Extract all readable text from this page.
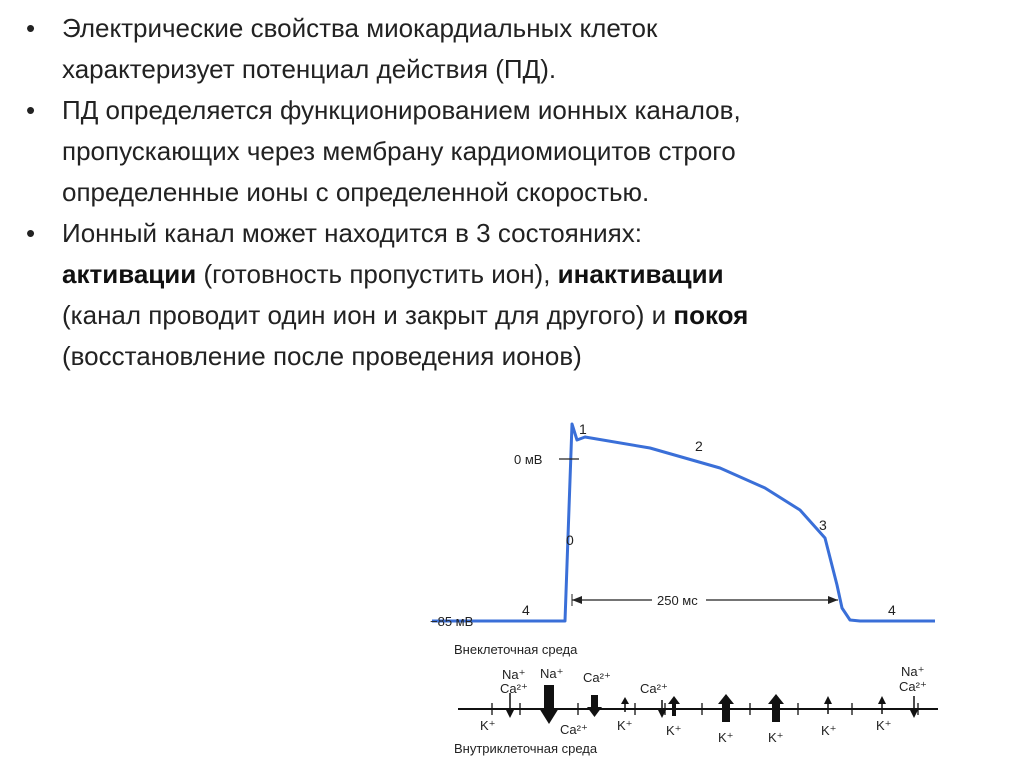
• Электрические свойства миокардиальных клеток
характеризует потенциал действия (ПД).
• ПД определяется функционированием ионных каналов,
пропускающих через мембрану кардиомиоцитов строго
определенные ионы с определенной скоростью.
• Ионный канал может находится в 3 состояниях:
активации (готовность пропустить ион), инактивации
(канал проводит один ион и закрыт для другого) и покоя
(восстановление после проведения ионов)
0 мВ
−85 мВ
0
1
2
3
4	4
250 мс
Внеклеточная среда
Na⁺
Ca²⁺
Na⁺ Ca²⁺
Ca²⁺ K⁺
Ca²⁺
K⁺	K⁺	K⁺	K⁺	K⁺
K⁺
Na⁺
Ca²⁺
Внутриклеточная среда
